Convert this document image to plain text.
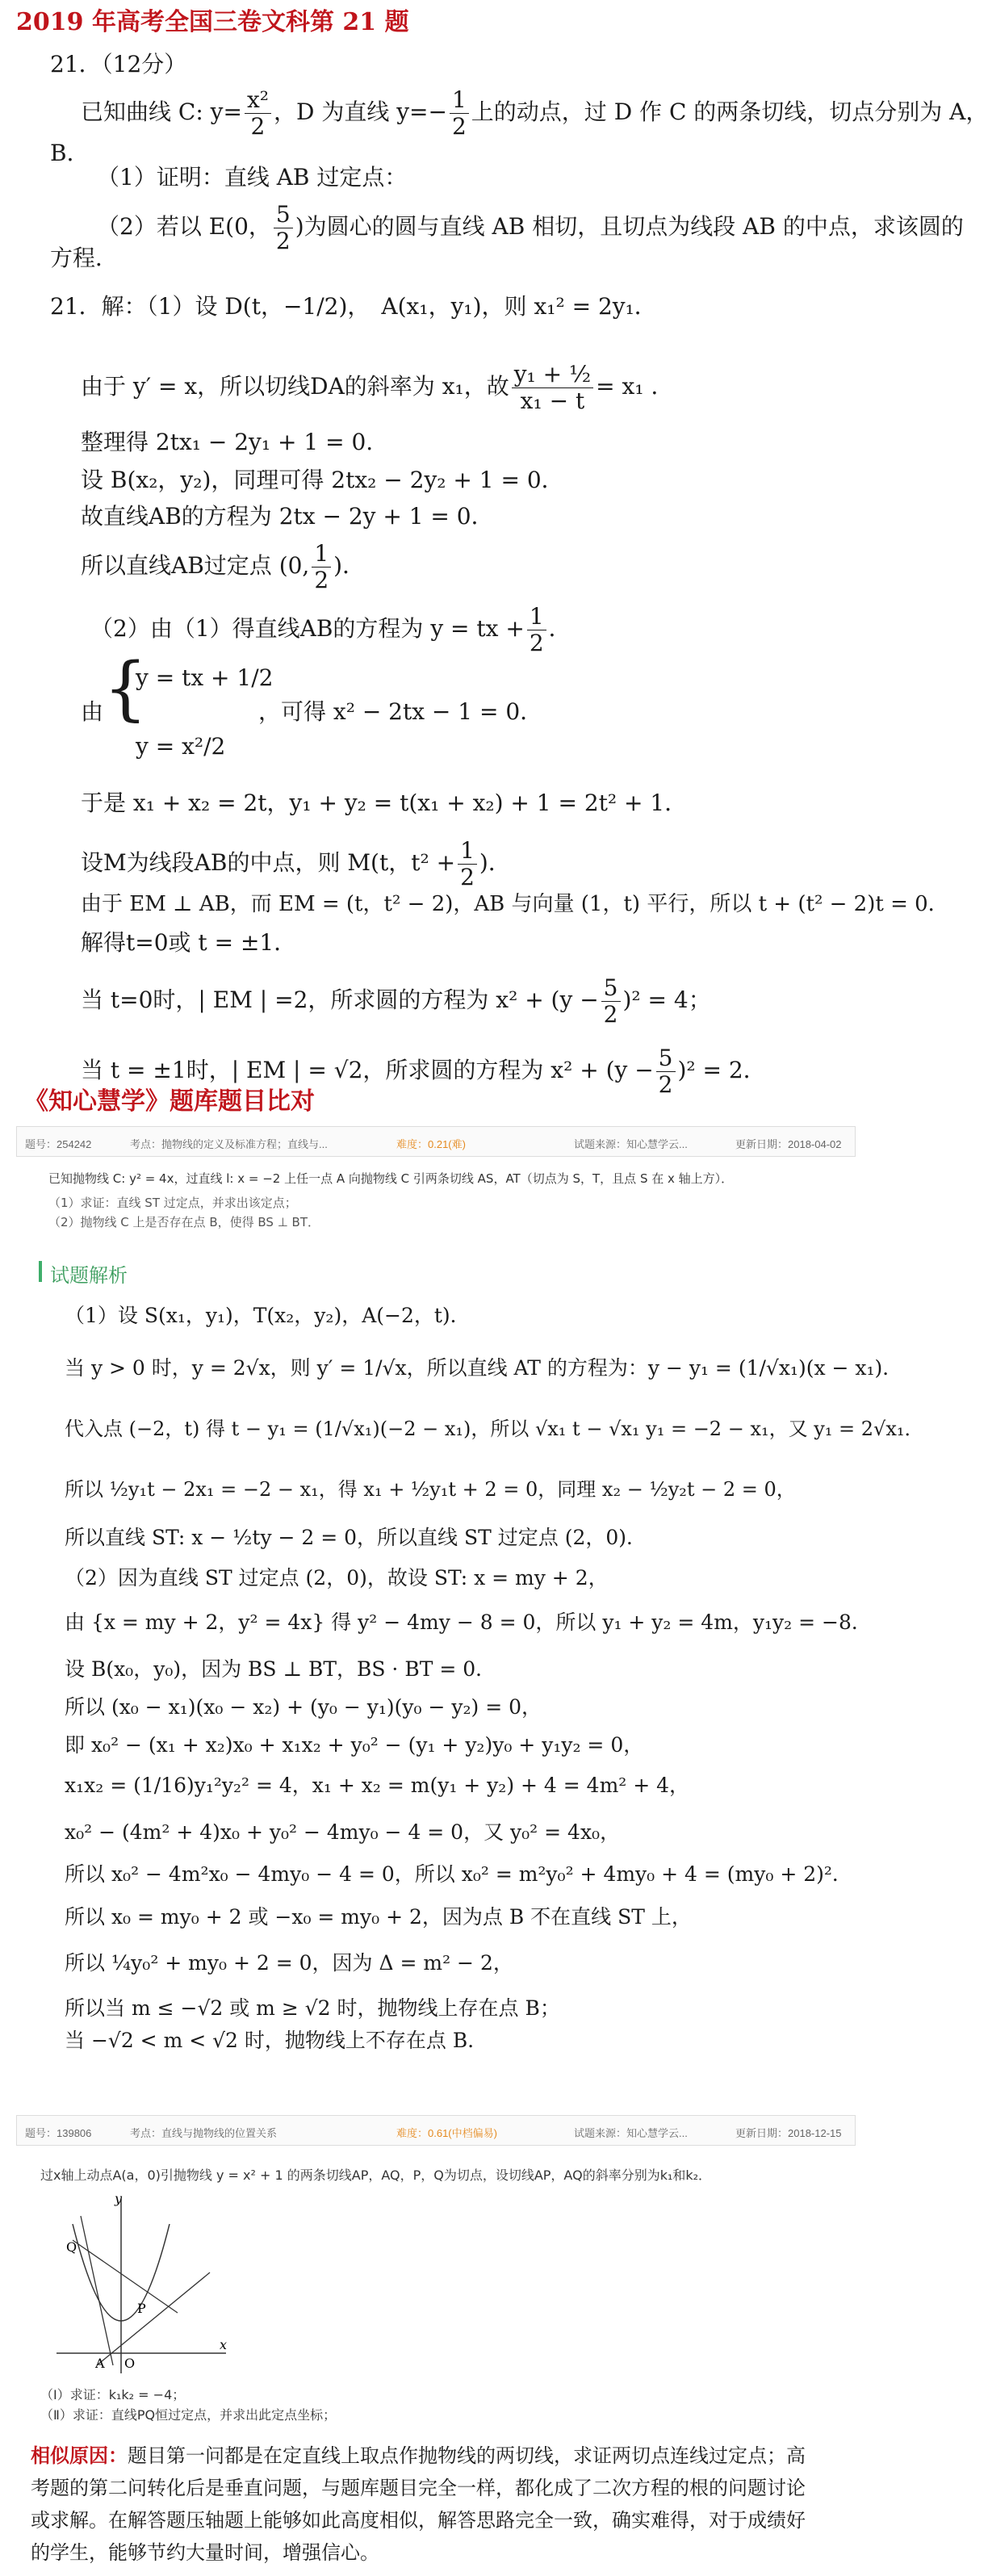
2019 年高考全国三卷文科第 21 题
21．（12分）
已知曲线 C: $y= \frac{\text{x²}}{2}$ ，D 为直线 $y=- \frac{1}{2}$ 上的动点，过 D 作 C 的两条切线，切点分别为 A，
B．
（1）证明：直线 AB 过定点：
（2）若以 E(0， $\frac{5}{2}$ )为圆心的圆与直线 AB 相切，且切点为线段 AB 的中点，求该圆的
方程．
21．解：（1）设 D(t，−1/2)，　A(x₁，y₁)，则 x₁² = 2y₁．
由于 y′ = x，所以切线DA的斜率为 x₁，故 $\frac{\text{y₁ + ½}}{\text{x₁ − t}} = x_1$ ．
整理得 2tx₁ − 2y₁ + 1 = 0.
设 B(x₂，y₂)，同理可得 2tx₂ − 2y₂ + 1 = 0．
故直线AB的方程为 2tx − 2y + 1 = 0．
所以直线AB过定点 (0, $\frac{1}{2}$ )．
（2）由（1）得直线AB的方程为 y = tx + $\frac{1}{2}$ ．
由 {
y = tx + 1/2
y = x²/2
，可得 x² − 2tx − 1 = 0．
于是 x₁ + x₂ = 2t，y₁ + y₂ = t(x₁ + x₂) + 1 = 2t² + 1．
设M为线段AB的中点，则 M(t，$t^2 + \frac{1}{2}$ )．
由于 EM ⊥ AB，而 EM = (t，t² − 2)，AB 与向量 (1，t) 平行，所以 t + (t² − 2)t = 0．
解得t=0或 t = ±1．
当 t=0时，| EM | =2，所求圆的方程为 $x^2 + (y - \frac{5}{2} )^2 = 4$；
当 t = ±1时，| EM | = √2，所求圆的方程为 $x^2 + (y - \frac{5}{2} )^2 = 2$．
《知心慧学》题库题目比对
题号：254242	考点：抛物线的定义及标准方程；直线与...	难度：0.21(难)	试题来源：知心慧学云...	更新日期：2018-04-02
已知抛物线 C: y² = 4x，过直线 l: x = −2 上任一点 A 向抛物线 C 引两条切线 AS，AT（切点为 S，T，且点 S 在 x 轴上方）．
（1）求证：直线 ST 过定点，并求出该定点；
（2）抛物线 C 上是否存在点 B，使得 BS ⊥ BT．
试题解析
（1）设 S(x₁，y₁)，T(x₂，y₂)，A(−2，t)．
当 y > 0 时，y = 2√x，则 y′ = 1/√x，所以直线 AT 的方程为：y − y₁ = (1/√x₁)(x − x₁)．
代入点 (−2，t) 得 t − y₁ = (1/√x₁)(−2 − x₁)，所以 √x₁ t − √x₁ y₁ = −2 − x₁，又 y₁ = 2√x₁．
所以 ½y₁t − 2x₁ = −2 − x₁，得 x₁ + ½y₁t + 2 = 0，同理 x₂ − ½y₂t − 2 = 0，
所以直线 ST: x − ½ty − 2 = 0，所以直线 ST 过定点 (2，0)．
（2）因为直线 ST 过定点 (2，0)，故设 ST: x = my + 2，
由 {x = my + 2，y² = 4x} 得 y² − 4my − 8 = 0，所以 y₁ + y₂ = 4m，y₁y₂ = −8．
设 B(x₀，y₀)，因为 BS ⊥ BT，BS · BT = 0．
所以 (x₀ − x₁)(x₀ − x₂) + (y₀ − y₁)(y₀ − y₂) = 0，
即 x₀² − (x₁ + x₂)x₀ + x₁x₂ + y₀² − (y₁ + y₂)y₀ + y₁y₂ = 0，
x₁x₂ = (1/16)y₁²y₂² = 4，x₁ + x₂ = m(y₁ + y₂) + 4 = 4m² + 4，
x₀² − (4m² + 4)x₀ + y₀² − 4my₀ − 4 = 0，又 y₀² = 4x₀，
所以 x₀² − 4m²x₀ − 4my₀ − 4 = 0，所以 x₀² = m²y₀² + 4my₀ + 4 = (my₀ + 2)²．
所以 x₀ = my₀ + 2 或 −x₀ = my₀ + 2，因为点 B 不在直线 ST 上，
所以 ¼y₀² + my₀ + 2 = 0，因为 Δ = m² − 2，
所以当 m ≤ −√2 或 m ≥ √2 时，抛物线上存在点 B；
当 −√2 < m < √2 时，抛物线上不存在点 B．
题号：139806	考点：直线与抛物线的位置关系	难度：0.61(中档偏易)	试题来源：知心慧学云...	更新日期：2018-12-15
过x轴上动点A(a，0)引抛物线 y = x² + 1 的两条切线AP，AQ，P，Q为切点，设切线AP，AQ的斜率分别为k₁和k₂．
y
x
Q
P
A O
（Ⅰ）求证：k₁k₂ = −4；
（Ⅱ）求证：直线PQ恒过定点，并求出此定点坐标；
相似原因：题目第一问都是在定直线上取点作抛物线的两切线，求证两切点连线过定点；高
考题的第二问转化后是垂直问题，与题库题目完全一样，都化成了二次方程的根的问题讨论
或求解。在解答题压轴题上能够如此高度相似，解答思路完全一致，确实难得，对于成绩好
的学生，能够节约大量时间，增强信心。
